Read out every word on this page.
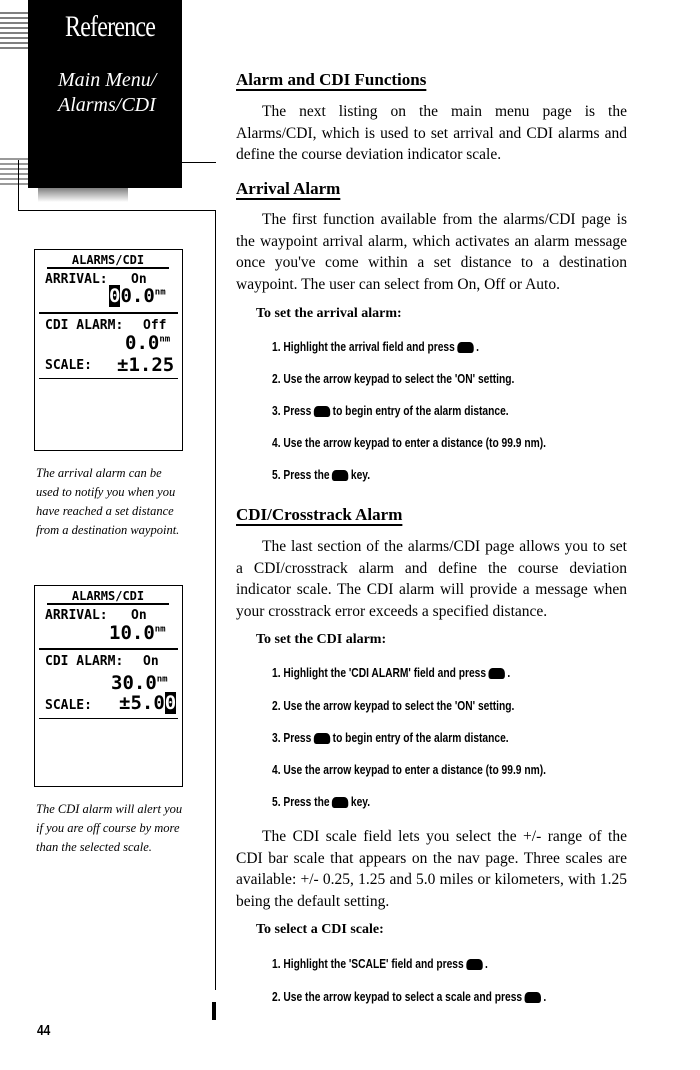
Reference
Main Menu/
Alarms/CDI
ALARMS/CDI
ARRIVAL: On
$00.0^{nm}$
CDI ALARM: Off
$0.0^{nm}$
SCALE: ±1.25
The arrival alarm can be used to notify you when you have reached a set distance from a destination waypoint.
ALARMS/CDI
ARRIVAL: On
$10.0^{nm}$
CDI ALARM: On
$30.0^{nm}$
SCALE: ±5.00
The CDI alarm will alert you if you are off course by more than the selected scale.
Alarm and CDI Functions

The next listing on the main menu page is the Alarms/CDI, which is used to set arrival and CDI alarms and define the course deviation indicator scale.

Arrival Alarm

The first function available from the alarms/CDI page is the waypoint arrival alarm, which activates an alarm message once you've come within a set distance to a destination waypoint. The user can select from On, Off or Auto.

To set the arrival alarm:
1. Highlight the arrival field and press .
2. Use the arrow keypad to select the 'ON' setting.
3. Press to begin entry of the alarm distance.
4. Use the arrow keypad to enter a distance (to 99.9 nm).
5. Press the key.
CDI/Crosstrack Alarm

The last section of the alarms/CDI page allows you to set a CDI/crosstrack alarm and define the course deviation indicator scale. The CDI alarm will provide a message when your crosstrack error exceeds a specified distance.

To set the CDI alarm:
1. Highlight the 'CDI ALARM' field and press .
2. Use the arrow keypad to select the 'ON' setting.
3. Press to begin entry of the alarm distance.
4. Use the arrow keypad to enter a distance (to 99.9 nm).
5. Press the key.

The CDI scale field lets you select the +/- range of the CDI bar scale that appears on the nav page. Three scales are available: +/- 0.25, 1.25 and 5.0 miles or kilometers, with 1.25 being the default setting.

To select a CDI scale:
1. Highlight the 'SCALE' field and press .
2. Use the arrow keypad to select a scale and press .
44
